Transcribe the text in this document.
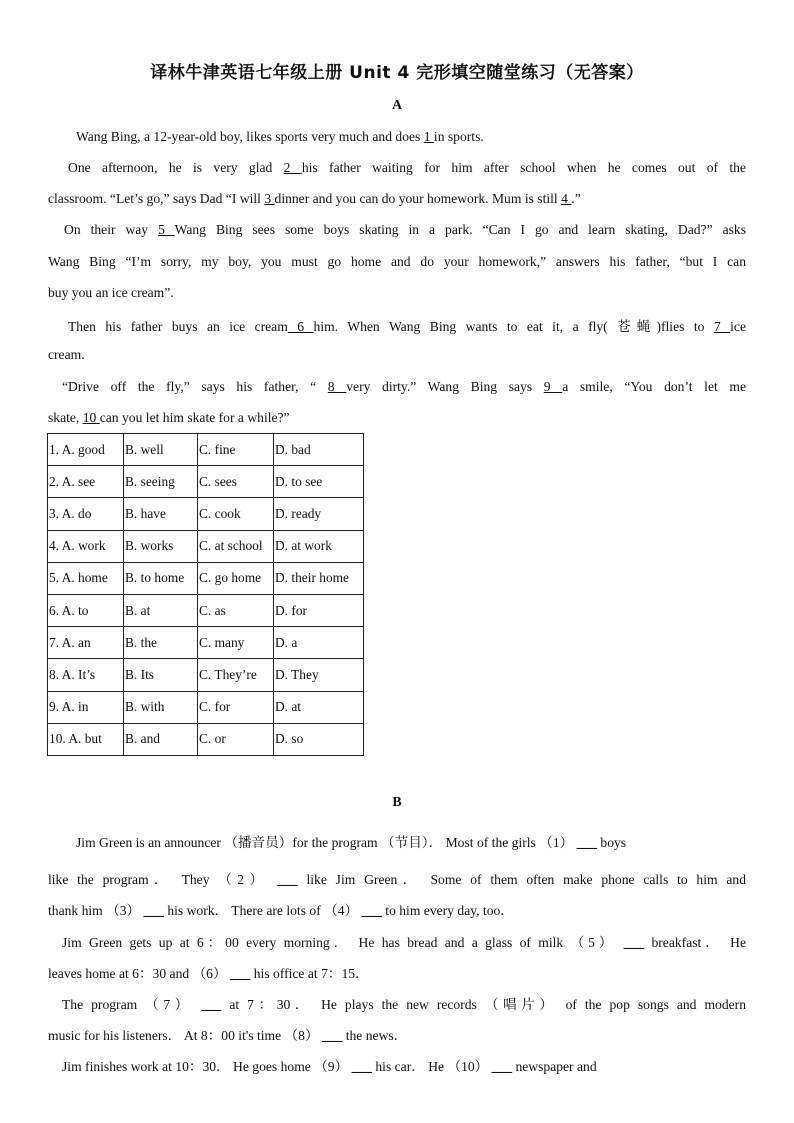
译林牛津英语七年级上册 Unit 4 完形填空随堂练习（无答案）
A
Wang Bing, a 12-year-old boy, likes sports very much and does 1 in sports.
One afternoon, he is very glad 2 his father waiting for him after school when he comes out of the
classroom. “Let’s go,” says Dad “I will 3 dinner and you can do your homework. Mum is still 4 .”
On their way 5 Wang Bing sees some boys skating in a park. “Can I go and learn skating, Dad?” asks
Wang Bing “I’m sorry, my boy, you must go home and do your homework,” answers his father, “but I can
buy you an ice cream”.
Then his father buys an ice cream 6 him. When Wang Bing wants to eat it, a fly( 苍蝇)flies to 7 ice
cream.
“Drive off the fly,” says his father, “ 8 very dirty.” Wang Bing says 9 a smile, “You don’t let me
skate, 10 can you let him skate for a while?”
1. A. good	B. well	C. fine	D. bad
2. A. see	B. seeing	C. sees	D. to see
3. A. do	B. have	C. cook	D. ready
4. A. work	B. works	C. at school	D. at work
5. A. home	B. to home	C. go home	D. their home
6. A. to	B. at	C. as	D. for
7. A. an	B. the	C. many	D. a
8. A. It’s	B. Its	C. They’re	D. They
9. A. in	B. with	C. for	D. at
10. A. but	B. and	C. or	D. so
B
Jim Green is an announcer （播音员）for the program （节目）． Most of the girls （1） ___ boys
like the program． They （2） ___ like Jim Green． Some of them often make phone calls to him and
thank him （3） ___ his work． There are lots of （4） ___ to him every day, too．
Jim Green gets up at 6：00 every morning． He has bread and a glass of milk （5） ___ breakfast． He
leaves home at 6：30 and （6） ___ his office at 7：15．
The program （7） ___ at 7：30． He plays the new records （唱片） of the pop songs and modern
music for his listeners． At 8：00 it's time （8） ___ the news．
Jim finishes work at 10：30． He goes home （9） ___ his car． He （10） ___ newspaper and
